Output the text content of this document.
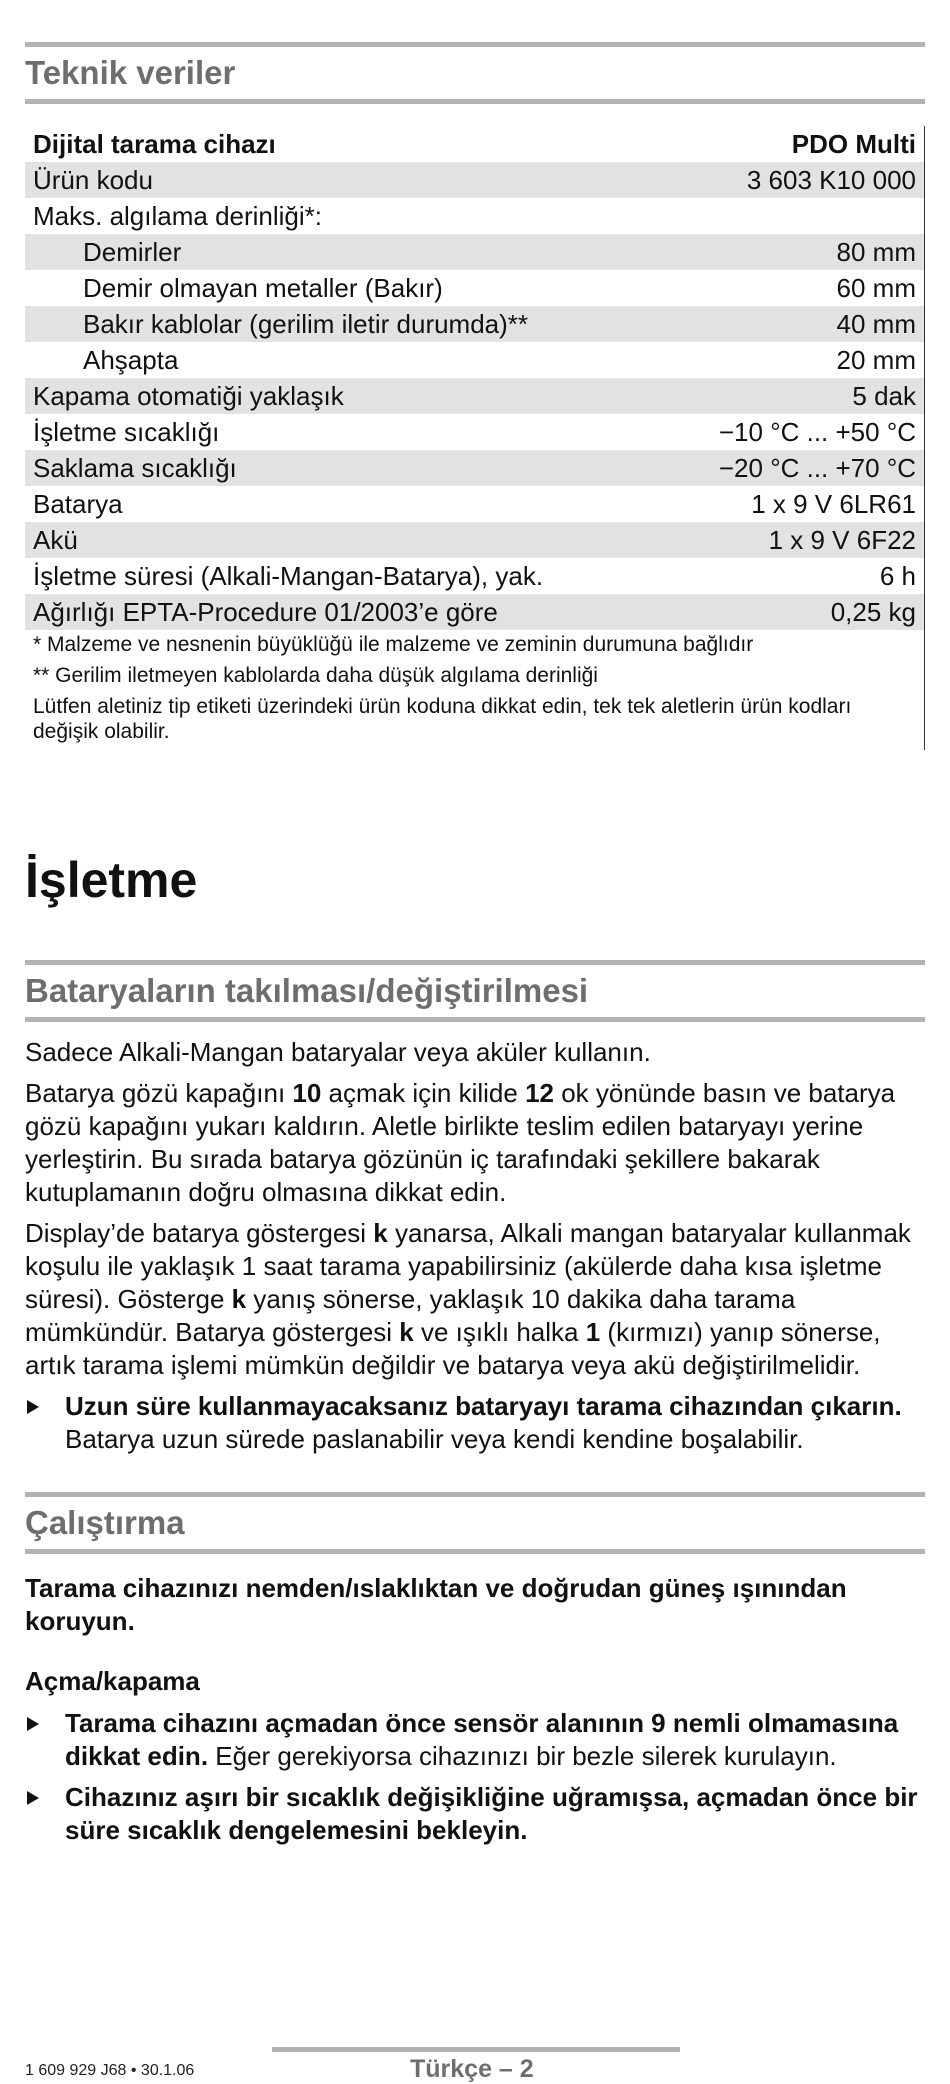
Teknik veriler
Dijital tarama cihazı	PDO Multi
Ürün kodu	3 603 K10 000
Maks. algılama derinliği*:	
Demirler	80 mm
Demir olmayan metaller (Bakır)	60 mm
Bakır kablolar (gerilim iletir durumda)**	40 mm
Ahşapta	20 mm
Kapama otomatiği yaklaşık	5 dak
İşletme sıcaklığı	−10 °C ... +50 °C
Saklama sıcaklığı	−20 °C ... +70 °C
Batarya	1 x 9 V 6LR61
Akü	1 x 9 V 6F22
İşletme süresi (Alkali-Mangan-Batarya), yak.	6 h
Ağırlığı EPTA-Procedure 01/2003’e göre	0,25 kg

* Malzeme ve nesnenin büyüklüğü ile malzeme ve zeminin durumuna bağlıdır

** Gerilim iletmeyen kablolarda daha düşük algılama derinliği

Lütfen aletiniz tip etiketi üzerindeki ürün koduna dikkat edin, tek tek aletlerin ürün kodları değişik olabilir.

İşletme
Bataryaların takılması/değiştirilmesi

Sadece Alkali-Mangan bataryalar veya aküler kullanın.

Batarya gözü kapağını 10 açmak için kilide 12 ok yönünde basın ve batarya gözü kapağını yukarı kaldırın. Aletle birlikte teslim edilen bataryayı yerine yerleştirin. Bu sırada batarya gözünün iç tarafındaki şekillere bakarak kutuplamanın doğru olmasına dikkat edin.

Display’de batarya göstergesi k yanarsa, Alkali mangan bataryalar kullanmak koşulu ile yaklaşık 1 saat tarama yapabilirsiniz (akülerde daha kısa işletme süresi). Gösterge k yanış sönerse, yaklaşık 10 dakika daha tarama mümkündür. Batarya göstergesi k ve ışıklı halka 1 (kırmızı) yanıp sönerse, artık tarama işlemi mümkün değildir ve batarya veya akü değiştirilmelidir.

Uzun süre kullanmayacaksanız bataryayı tarama cihazından çıkarın. Batarya uzun sürede paslanabilir veya kendi kendine boşalabilir.
Çalıştırma
Tarama cihazınızı nemden/ıslaklıktan ve doğrudan güneş ışınından koruyun.
Açma/kapama
Tarama cihazını açmadan önce sensör alanının 9 nemli olmamasına dikkat edin. Eğer gerekiyorsa cihazınızı bir bezle silerek kurulayın.
Cihazınız aşırı bir sıcaklık değişikliğine uğramışsa, açmadan önce bir süre sıcaklık dengelemesini bekleyin.
1 609 929 J68 • 30.1.06	Türkçe – 2
